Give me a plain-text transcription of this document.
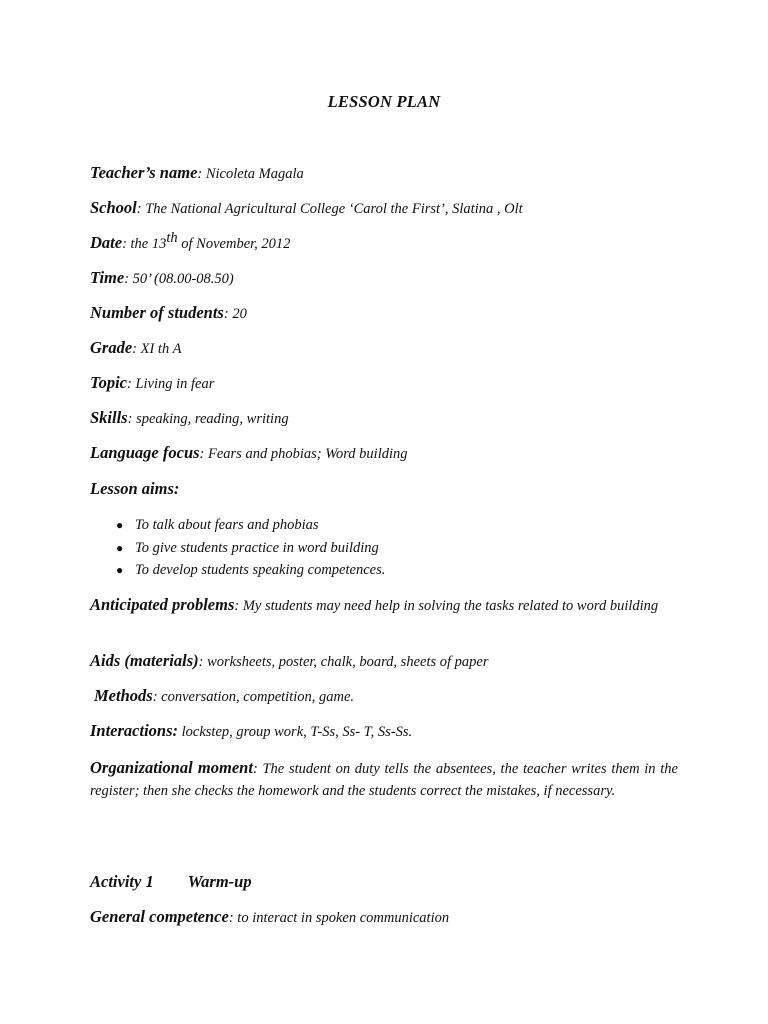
LESSON PLAN
Teacher’s name: Nicoleta Magala
School: The National Agricultural College ‘Carol the First’, Slatina , Olt
Date: the 13th of November, 2012
Time: 50’ (08.00-08.50)
Number of students: 20
Grade: XI th A
Topic: Living in fear
Skills: speaking, reading, writing
Language focus: Fears and phobias; Word building
Lesson aims:
● To talk about fears and phobias
● To give students practice in word building
● To develop students speaking competences.
Anticipated problems: My students may need help in solving the tasks related to word building
Aids (materials): worksheets, poster, chalk, board, sheets of paper
Methods: conversation, competition, game.
Interactions: lockstep, group work, T-Ss, Ss- T, Ss-Ss.
Organizational moment: The student on duty tells the absentees, the teacher writes them in the register; then she checks the homework and the students correct the mistakes, if necessary.
Activity 1 Warm-up
General competence: to interact in spoken communication
